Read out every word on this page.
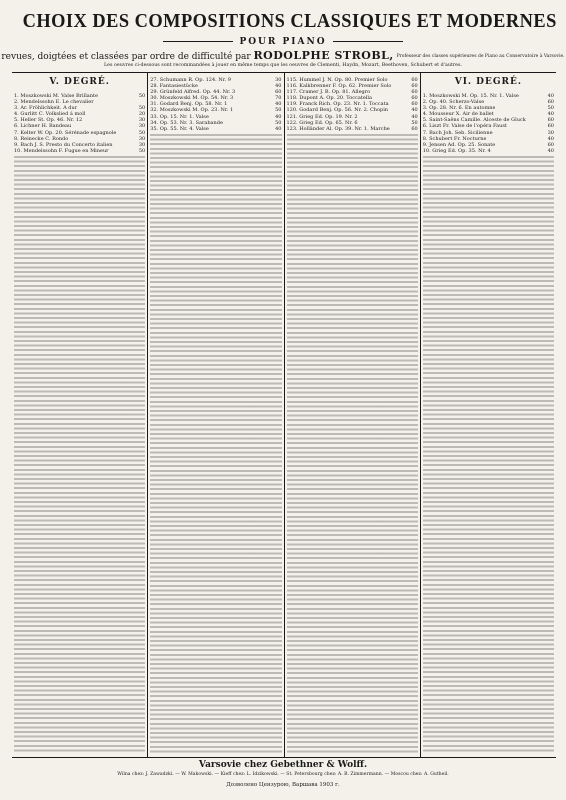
CHOIX DES COMPOSITIONS CLASSIQUES ET MODERNES
POUR PIANO
revues, doigtées et classées par ordre de difficulté par RODOLPHE STROBL, Professeur des classes supérieures de Piano au Conservatoire à Varsovie.
Les oeuvres ci-dessous sont recommandées à jouer en même temps que les oeuvres de Clementi, Haydn, Mozart, Beethoven, Schubert et d'autres.
V. DEGRÉ.
1. Moszkowski M. Valse Brillante	50
2. Mendelssohn E. Le chevalier
3. Ar. Fröhlichkeit. A dur	50
4. Gurlitt C. Volkslied á moll	20
5. Heller St. Op. 46. Nr. 12	30
6. Lichner H. Bandeau	30
7. Kelter W. Op. 20. Sérénade espagnole	50
8. Reinecke C. Rondo	30
9. Bach J. S. Presto du Concerto italien	30
10. Mendelssohn F. Fugue en Mineur	50
27. Schumann R. Op. 124. Nr. 9	30
28. Fantasiestücke	40
29. Grünfeld Alfred. Op. 44. Nr. 3	60
30. Moszkowski M. Op. 54. Nr. 3	70
31. Godard Benj. Op. 58. Nr. 1	40
32. Moszkowski M. Op. 23. Nr. 1	50
33. Op. 15. Nr. 1. Valse	40
34. Op. 53. Nr. 3. Sarabande	50
35. Op. 55. Nr. 4. Valse	40
115. Hummel J. N. Op. 80. Premier Solo	60
116. Kalkbrenner F. Op. 62. Premier Solo	60
117. Cramer J. B. Op. 81. Allegro	60
118. Dupont A. Op. 20. Toccatella	60
119. Franck Rich. Op. 23. Nr. 1. Toccata	60
120. Godard Benj. Op. 56. Nr. 2. Chopin	40
121. Grieg Ed. Op. 19. Nr. 2	40
122. Grieg Ed. Op. 65. Nr. 6	50
123. Holländer Al. Op. 39. Nr. 1. Marche	60
VI. DEGRÉ.
1. Moszkowski M. Op. 15. Nr. 1. Valse	40
2. Op. 40. Scherzo-Valse	60
3. Op. 28. Nr. 6. En automne	50
4. Mousseur X. Air de ballet	40
5. Saint-Saëns Camille. Alceste de Gluck	60
6. Liszt Fr. Valse de l'opéra Faust	60
7. Bach Joh. Seb. Sicilienne	30
8. Schubert Fr. Nocturne	40
9. Jensen Ad. Op. 25. Sonate	60
10. Grieg Ed. Op. 35. Nr. 4	40
Varsovie chez Gebethner & Wolff.
Wilna chez: J. Zawadzki. — W. Makowski. — Kieff chez: L. Idzikowski. — St. Petersbourg chez: A. B. Zimmermann. — Moscou chez: A. Gutheil.
Дозволено Цензурою, Варшава 1903 г.
